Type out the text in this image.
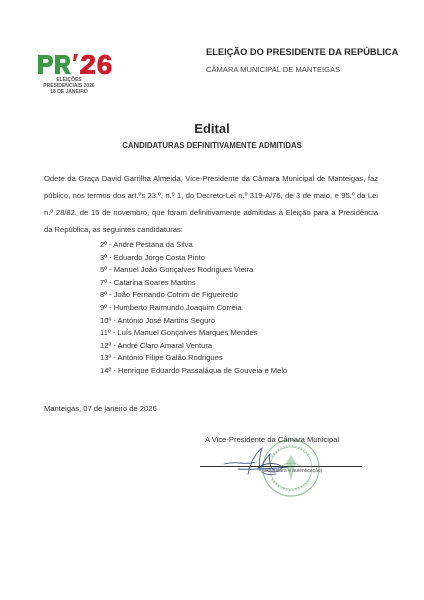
ELEIÇÕES
PRESIDENCIAIS 2026
18 DE JANEIRO
ELEIÇÃO DO PRESIDENTE DA REPÚBLICA
CÂMARA MUNICIPAL DE MANTEIGAS
Edital
CANDIDATURAS DEFINITIVAMENTE ADMITIDAS
Odete da Graça David Garrilha Almeida, Vice-Presidente da Câmara Municipal de Manteigas, faz público, nos termos dos art.ºs 23.º, n.º 1, do Decreto-Lei n.º 319-A/76, de 3 de maio, e 95.º da Lei n.º 28/82, de 15 de novembro, que foram definitivamente admitidas à Eleição para a Presidência da República, as seguintes candidaturas:
2º - André Pestana da Silva
3º - Eduardo Jorge Costa Pinto
5º - Manuel João Gonçalves Rodrigues Vieira
7º - Catarina Soares Martins
8º - João Fernando Cotrim de Figueiredo
9º - Humberto Raimundo Joaquim Correia
10º - António José Martins Seguro
11º - Luís Manuel Gonçalves Marques Mendes
12º - André Claro Amaral Ventura
13º - António Filipe Galão Rodrigues
14º - Henrique Eduardo Passaláqua de Gouveia e Melo
Manteigas, 07 de janeiro de 2026
A Vice-Presidente da Câmara Municipal
(assinatura e autenticação)
